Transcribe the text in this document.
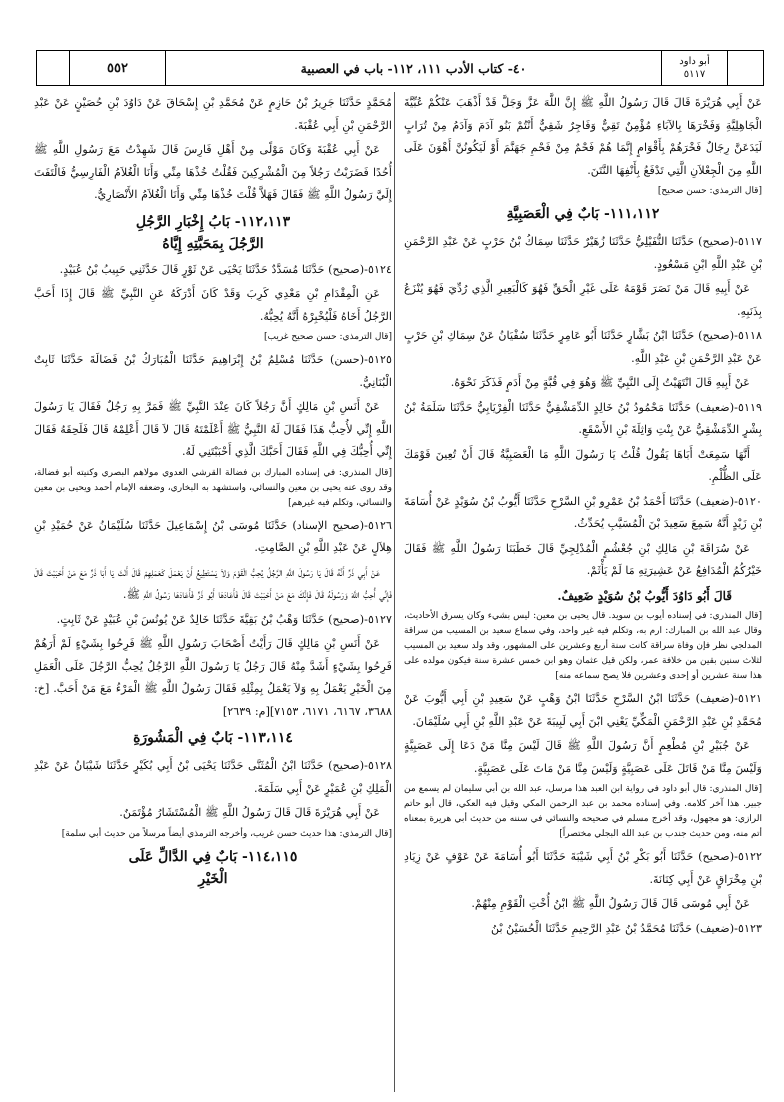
أبو داود
٥١١٧
٤٠- كتاب الأدب ١١١، ١١٢- باب في العصبية
٥٥٢

عَنْ أَبِي هُرَيْرَةَ قَالَ قَالَ رَسُولُ اللَّهِ ﷺ إِنَّ اللَّهَ عَزَّ وَجَلَّ قَدْ أَذْهَبَ عَنْكُمْ عُبِّيَّةَ الْجَاهِلِيَّةِ وَفَخْرَهَا بِالآبَاءِ مُؤْمِنٌ تَقِيٌّ وَفَاجِرٌ شَقِيٌّ أَنْتُمْ بَنُو آدَمَ وَآدَمُ مِنْ تُرَابٍ لَيَدَعَنَّ رِجَالٌ فَخْرَهُمْ بِأَقْوَامٍ إِنَّمَا هُمْ فَحْمٌ مِنْ فَحْمِ جَهَنَّمَ أَوْ لَيَكُونُنَّ أَهْوَنَ عَلَى اللَّهِ مِنَ الْجِعْلاَنِ الَّتِي تَدْفَعُ بِأَنْفِهَا النَّتَنَ.

[قال الترمذي: حسن صحيح]

١١١،١١٢- بَابٌ فِي الْعَصَبِيَّةِ

٥١١٧-(صحيح) حَدَّثَنَا النُّفَيْلِيُّ حَدَّثَنَا زُهَيْرٌ حَدَّثَنَا سِمَاكُ بْنُ حَرْبٍ عَنْ عَبْدِ الرَّحْمَنِ بْنِ عَبْدِ اللَّهِ ابْنِ مَسْعُودٍ.

عَنْ أَبِيهِ قَالَ مَنْ نَصَرَ قَوْمَهُ عَلَى غَيْرِ الْحَقِّ فَهُوَ كَالْبَعِيرِ الَّذِي رُدِّيَ فَهُوَ يُنْزَعُ بِذَنَبِهِ.

٥١١٨-(صحيح) حَدَّثَنَا ابْنُ بَشَّارٍ حَدَّثَنَا أَبُو عَامِرٍ حَدَّثَنَا سُفْيَانُ عَنْ سِمَاكِ بْنِ حَرْبٍ عَنْ عَبْدِ الرَّحْمَنِ بْنِ عَبْدِ اللَّهِ.

عَنْ أَبِيهِ قَالَ انْتَهَيْتُ إِلَى النَّبِيِّ ﷺ وَهُوَ فِي قُبَّةٍ مِنْ أَدَمٍ فَذَكَرَ نَحْوَهُ.

٥١١٩-(ضعيف) حَدَّثَنَا مَحْمُودُ بْنُ خَالِدٍ الدِّمَشْقِيُّ حَدَّثَنَا الْفِرْيَابِيُّ حَدَّثَنَا سَلَمَةُ بْنُ بِشْرٍ الدِّمَشْقِيُّ عَنْ بِنْتِ وَاثِلَةَ بْنِ الأَسْقَعِ.

أَنَّهَا سَمِعَتْ أَبَاهَا يَقُولُ قُلْتُ يَا رَسُولَ اللَّهِ مَا الْعَصَبِيَّةُ قَالَ أَنْ تُعِينَ قَوْمَكَ عَلَى الظُّلْمِ.

٥١٢٠-(ضعيف) حَدَّثَنَا أَحْمَدُ بْنُ عَمْرِو بْنِ السَّرْحِ حَدَّثَنَا أَيُّوبُ بْنُ سُوَيْدٍ عَنْ أُسَامَةَ بْنِ زَيْدٍ أَنَّهُ سَمِعَ سَعِيدَ بْنَ الْمُسَيَّبِ يُحَدِّثُ.

عَنْ سُرَاقَةَ بْنِ مَالِكِ بْنِ جُعْشُمٍ الْمُدْلِجِيِّ قَالَ خَطَبَنَا رَسُولُ اللَّهِ ﷺ فَقَالَ خَيْرُكُمُ الْمُدَافِعُ عَنْ عَشِيرَتِهِ مَا لَمْ يَأْثَمْ.

قَالَ أَبُو دَاوُدَ أَيُّوبُ بْنُ سُوَيْدٍ ضَعِيفٌ.

[قال المنذري: في إسناده أيوب بن سويد. قال يحيى بن معين: ليس بشيء وكان يسرق الأحاديث، وقال عبد الله بن المبارك: ارم به، وتكلم فيه غير واحد، وفي سماع سعيد بن المسيب من سراقة المدلجي نظر فإن وفاة سراقة كانت سنة أربع وعشرين على المشهور، وقد ولد سعيد بن المسيب لثلاث سنين بقين من خلافة عمر، ولكن قيل عثمان وهو ابن خمس عشرة سنة فيكون مولده على هذا سنة عشرين أو إحدى وعشرين فلا يصح سماعه منه]

٥١٢١-(ضعيف) حَدَّثَنَا ابْنُ السَّرْحِ حَدَّثَنَا ابْنُ وَهْبٍ عَنْ سَعِيدِ بْنِ أَبِي أَيُّوبَ عَنْ مُحَمَّدِ بْنِ عَبْدِ الرَّحْمَنِ الْمَكِّيِّ يَعْنِي ابْنَ أَبِي لَبِيبَةَ عَنْ عَبْدِ اللَّهِ بْنِ أَبِي سُلَيْمَانَ.

عَنْ جُبَيْرِ بْنِ مُطْعِمٍ أَنَّ رَسُولَ اللَّهِ ﷺ قَالَ لَيْسَ مِنَّا مَنْ دَعَا إِلَى عَصَبِيَّةٍ وَلَيْسَ مِنَّا مَنْ قَاتَلَ عَلَى عَصَبِيَّةٍ وَلَيْسَ مِنَّا مَنْ مَاتَ عَلَى عَصَبِيَّةٍ.

[قال المنذري: قال أبو داود في رواية ابن العبد هذا مرسل، عبد الله بن أبي سليمان لم يسمع من جبير. هذا آخر كلامه. وفي إسناده محمد بن عبد الرحمن المكي وقيل فيه العكي، قال أبو حاتم الرازي: هو مجهول، وقد أخرج مسلم في صحيحه والنسائي في سننه من حديث أبي هريرة بمعناه أتم منه، ومن حديث جندب بن عبد الله البجلي مختصراً]

٥١٢٢-(صحيح) حَدَّثَنَا أَبُو بَكْرِ بْنُ أَبِي شَيْبَةَ حَدَّثَنَا أَبُو أُسَامَةَ عَنْ عَوْفٍ عَنْ زِيَادِ بْنِ مِخْرَاقٍ عَنْ أَبِي كِنَانَةَ.

عَنْ أَبِي مُوسَى قَالَ قَالَ رَسُولُ اللَّهِ ﷺ ابْنُ أُخْتِ الْقَوْمِ مِنْهُمْ.

٥١٢٣-(ضعيف) حَدَّثَنَا مُحَمَّدُ بْنُ عَبْدِ الرَّحِيمِ حَدَّثَنَا الْحُسَيْنُ بْنُ

مُحَمَّدٍ حَدَّثَنَا جَرِيرُ بْنُ حَازِمٍ عَنْ مُحَمَّدِ بْنِ إِسْحَاقَ عَنْ دَاوُدَ بْنِ حُصَيْنٍ عَنْ عَبْدِ الرَّحْمَنِ بْنِ أَبِي عُقْبَةَ.

عَنْ أَبِي عُقْبَةَ وَكَانَ مَوْلًى مِنْ أَهْلِ فَارِسَ قَالَ شَهِدْتُ مَعَ رَسُولِ اللَّهِ ﷺ أُحُدًا فَضَرَبْتُ رَجُلاً مِنَ الْمُشْرِكِينَ فَقُلْتُ خُذْهَا مِنِّي وَأَنَا الْغُلاَمُ الْفَارِسِيُّ فَالْتَفَتَ إِلَيَّ رَسُولُ اللَّهِ ﷺ فَقَالَ فَهَلاَّ قُلْتَ خُذْهَا مِنِّي وَأَنَا الْغُلاَمُ الأَنْصَارِيُّ.

١١٢،١١٣- بَابُ إِخْبَارِ الرَّجُلِ
الرَّجُلَ بِمَحَبَّتِهِ إِيَّاهُ

٥١٢٤-(صحيح) حَدَّثَنَا مُسَدَّدٌ حَدَّثَنَا يَحْيَى عَنْ ثَوْرٍ قَالَ حَدَّثَنِي حَبِيبُ بْنُ عُبَيْدٍ.

عَنِ الْمِقْدَامِ بْنِ مَعْدِي كَرِبَ وَقَدْ كَانَ أَدْرَكَهُ عَنِ النَّبِيِّ ﷺ قَالَ إِذَا أَحَبَّ الرَّجُلُ أَخَاهُ فَلْيُخْبِرْهُ أَنَّهُ يُحِبُّهُ.

[قال الترمذي: حسن صحيح غريب]

٥١٢٥-(حسن) حَدَّثَنَا مُسْلِمُ بْنُ إِبْرَاهِيمَ حَدَّثَنَا الْمُبَارَكُ بْنُ فَضَالَةَ حَدَّثَنَا ثَابِتٌ الْبُنَانِيُّ.

عَنْ أَنَسِ بْنِ مَالِكٍ أَنَّ رَجُلاً كَانَ عِنْدَ النَّبِيِّ ﷺ فَمَرَّ بِهِ رَجُلٌ فَقَالَ يَا رَسُولَ اللَّهِ إِنِّي لأُحِبُّ هَذَا فَقَالَ لَهُ النَّبِيُّ ﷺ أَعْلَمْتَهُ قَالَ لاَ قَالَ أَعْلِمْهُ قَالَ فَلَحِقَهُ فَقَالَ إِنِّي أُحِبُّكَ فِي اللَّهِ فَقَالَ أَحَبَّكَ الَّذِي أَحْبَبْتَنِي لَهُ.

[قال المنذري: في إسناده المبارك بن فضالة القرشي العدوي مولاهم البصري وكنيته أبو فضالة، وقد روى عنه يحيى بن معين والنسائي، واستشهد به البخاري، وضعفه الإمام أحمد ويحيى بن معين والنسائي، وتكلم فيه غيرهم]

٥١٢٦-(صحيح الإسناد) حَدَّثَنَا مُوسَى بْنُ إِسْمَاعِيلَ حَدَّثَنَا سُلَيْمَانُ عَنْ حُمَيْدِ بْنِ هِلاَلٍ عَنْ عَبْدِ اللَّهِ بْنِ الصَّامِتِ.

عَنْ أَبِي ذَرٍّ أَنَّهُ قَالَ يَا رَسُولَ اللَّهِ الرَّجُلُ يُحِبُّ الْقَوْمَ وَلاَ يَسْتَطِيعُ أَنْ يَعْمَلَ كَعَمَلِهِمْ قَالَ أَنْتَ يَا أَبَا ذَرٍّ مَعَ مَنْ أَحْبَبْتَ قَالَ فَإِنِّي أُحِبُّ اللَّهَ وَرَسُولَهُ قَالَ فَإِنَّكَ مَعَ مَنْ أَحْبَبْتَ قَالَ فَأَعَادَهَا أَبُو ذَرٍّ فَأَعَادَهَا رَسُولُ اللَّهِ ﷺ.

٥١٢٧-(صحيح) حَدَّثَنَا وَهْبُ بْنُ بَقِيَّةَ حَدَّثَنَا خَالِدٌ عَنْ يُونُسَ بْنِ عُبَيْدٍ عَنْ ثَابِتٍ.

عَنْ أَنَسِ بْنِ مَالِكٍ قَالَ رَأَيْتُ أَصْحَابَ رَسُولِ اللَّهِ ﷺ فَرِحُوا بِشَيْءٍ لَمْ أَرَهُمْ فَرِحُوا بِشَيْءٍ أَشَدَّ مِنْهُ قَالَ رَجُلٌ يَا رَسُولَ اللَّهِ الرَّجُلُ يُحِبُّ الرَّجُلَ عَلَى الْعَمَلِ مِنَ الْخَيْرِ يَعْمَلُ بِهِ وَلاَ يَعْمَلُ بِمِثْلِهِ فَقَالَ رَسُولُ اللَّهِ ﷺ الْمَرْءُ مَعَ مَنْ أَحَبَّ. [خ: ٣٦٨٨، ٦١٦٧، ٦١٧١، ٧١٥٣][م: ٢٦٣٩]

١١٣،١١٤- بَابٌ فِي الْمَشُورَةِ

٥١٢٨-(صحيح) حَدَّثَنَا ابْنُ الْمُثَنَّى حَدَّثَنَا يَحْيَى بْنُ أَبِي بُكَيْرٍ حَدَّثَنَا شَيْبَانُ عَنْ عَبْدِ الْمَلِكِ بْنِ عُمَيْرٍ عَنْ أَبِي سَلَمَةَ.

عَنْ أَبِي هُرَيْرَةَ قَالَ قَالَ رَسُولُ اللَّهِ ﷺ الْمُسْتَشَارُ مُؤْتَمَنٌ.

[قال الترمذي: هذا حديث حسن غريب، وأخرجه الترمذي أيضاً مرسلاً من حديث أبي سلمة]

١١٤،١١٥- بَابٌ فِي الدَّالِّ عَلَى
الْخَيْرِ
